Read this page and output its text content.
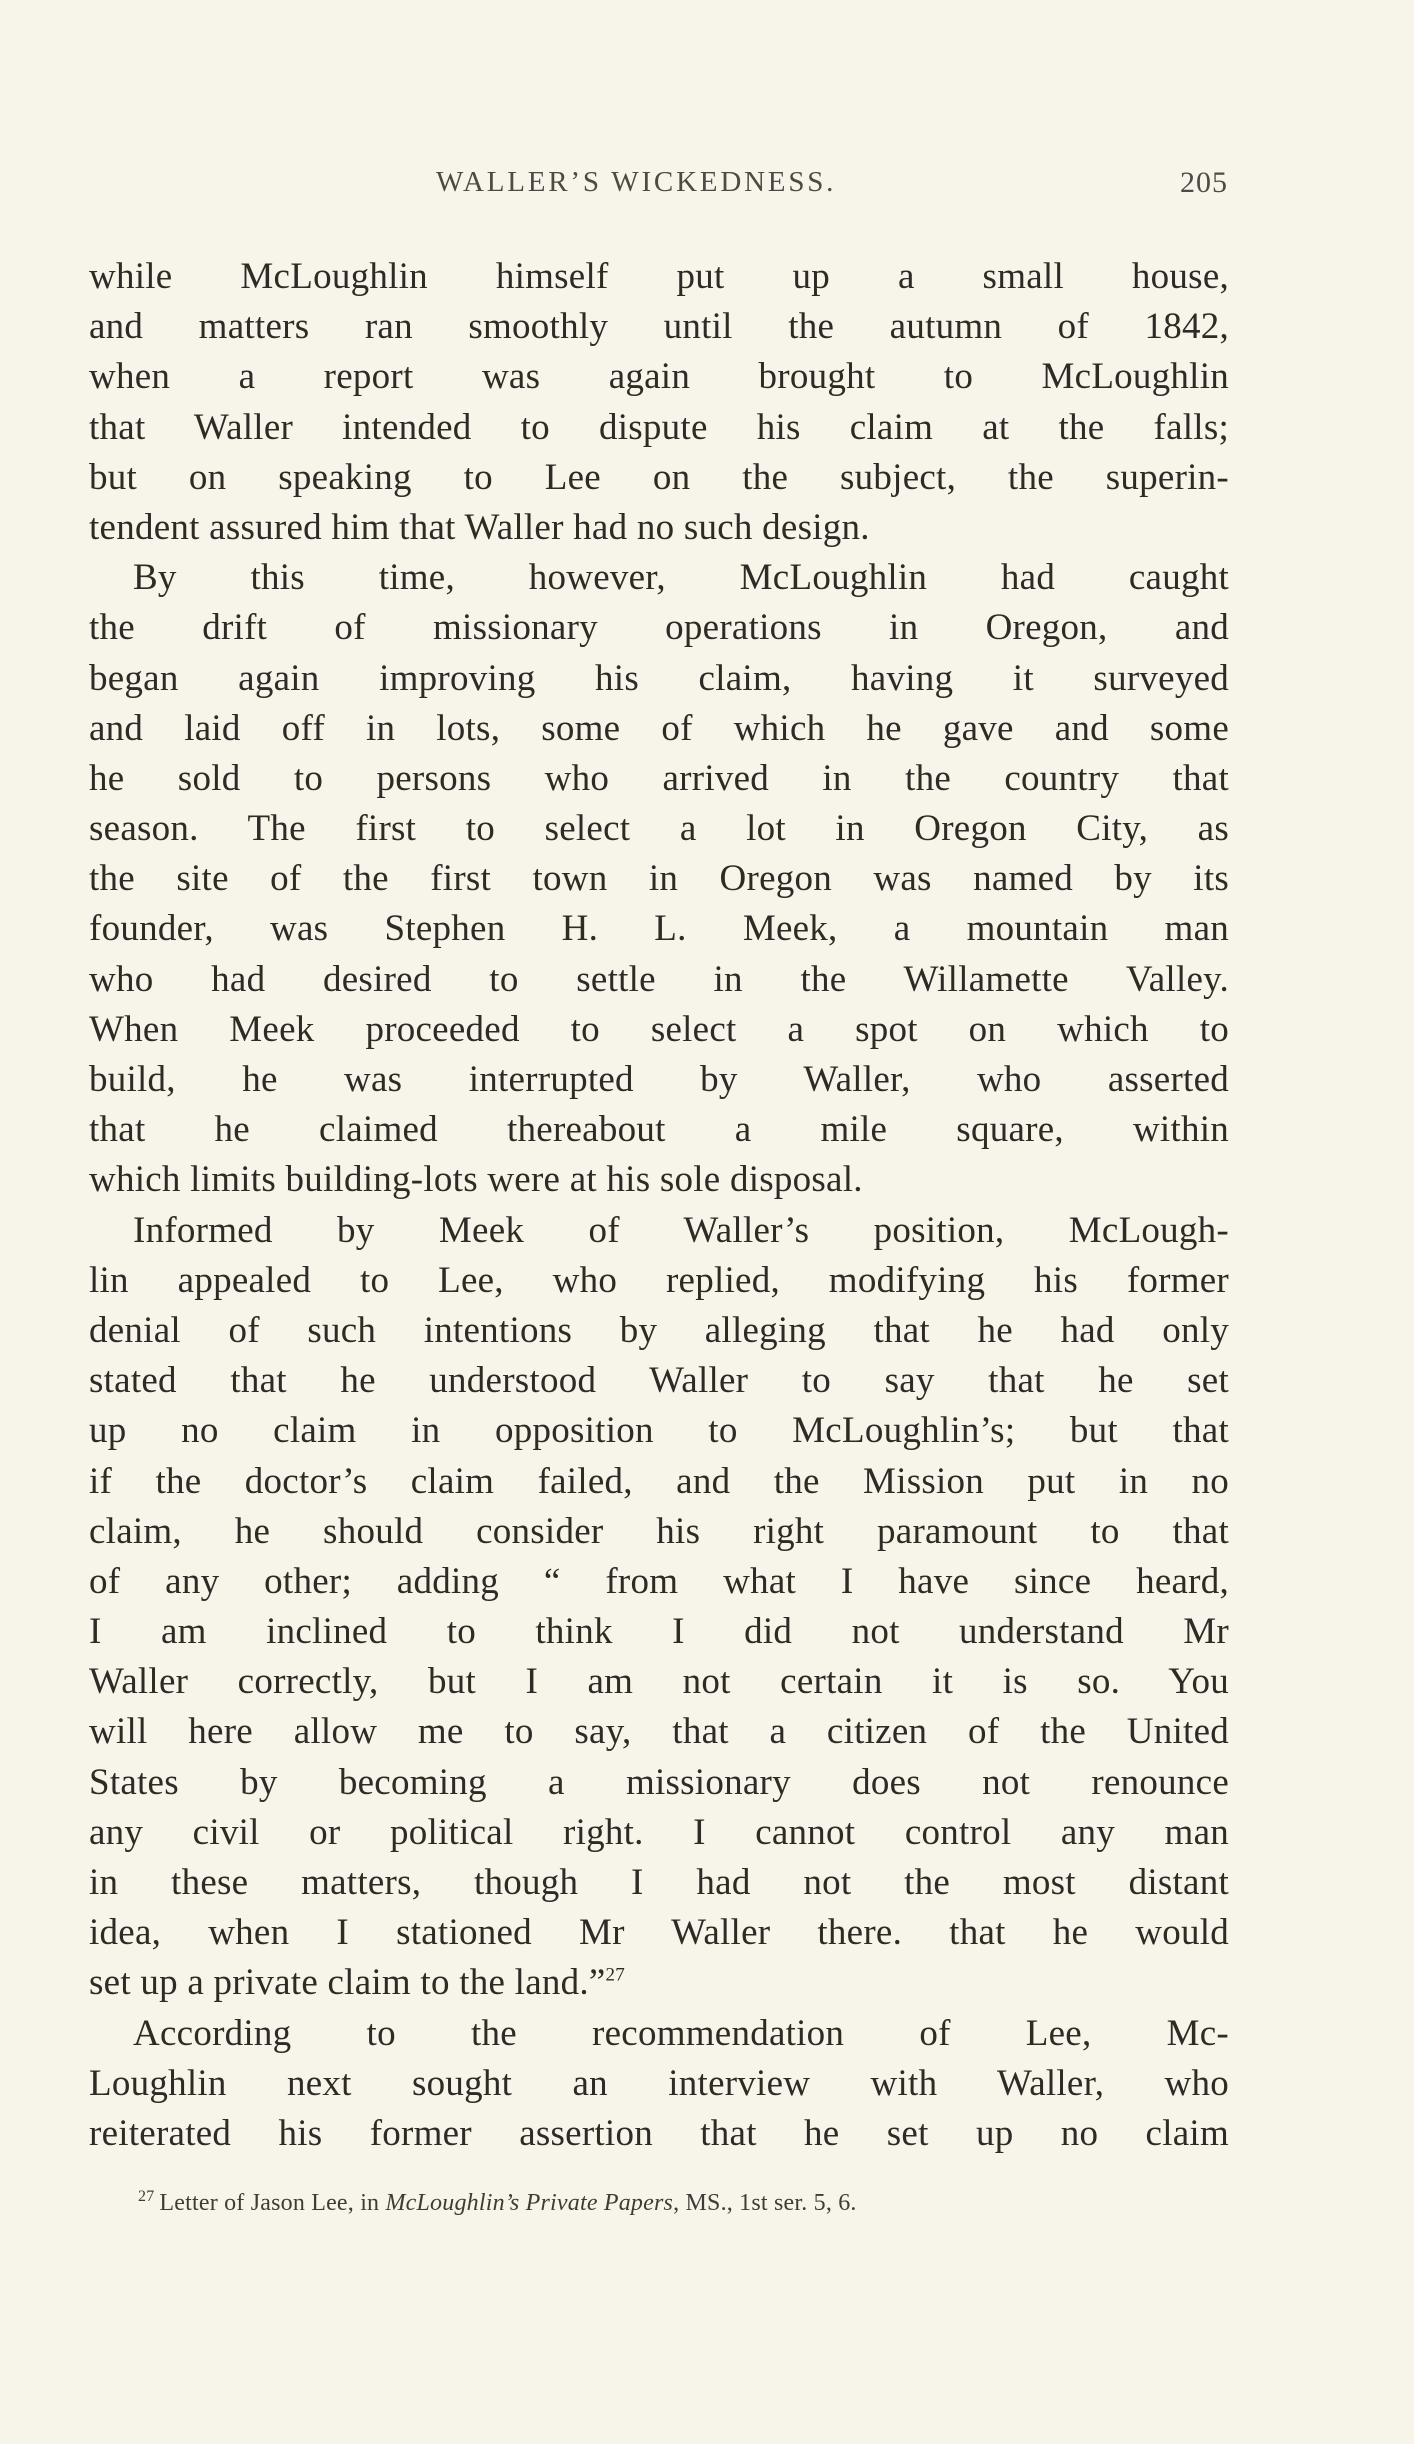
WALLER’S WICKEDNESS.	205
while McLoughlin himself put up a small house,
and matters ran smoothly until the autumn of 1842,
when a report was again brought to McLoughlin
that Waller intended to dispute his claim at the falls;
but on speaking to Lee on the subject, the superin-
tendent assured him that Waller had no such design.
By this time, however, McLoughlin had caught
the drift of missionary operations in Oregon, and
began again improving his claim, having it surveyed
and laid off in lots, some of which he gave and some
he sold to persons who arrived in the country that
season. The first to select a lot in Oregon City, as
the site of the first town in Oregon was named by its
founder, was Stephen H. L. Meek, a mountain man
who had desired to settle in the Willamette Valley.
When Meek proceeded to select a spot on which to
build, he was interrupted by Waller, who asserted
that he claimed thereabout a mile square, within
which limits building-lots were at his sole disposal.
Informed by Meek of Waller’s position, McLough-
lin appealed to Lee, who replied, modifying his former
denial of such intentions by alleging that he had only
stated that he understood Waller to say that he set
up no claim in opposition to McLoughlin’s; but that
if the doctor’s claim failed, and the Mission put in no
claim, he should consider his right paramount to that
of any other; adding “ from what I have since heard,
I am inclined to think I did not understand Mr
Waller correctly, but I am not certain it is so. You
will here allow me to say, that a citizen of the United
States by becoming a missionary does not renounce
any civil or political right. I cannot control any man
in these matters, though I had not the most distant
idea, when I stationed Mr Waller there. that he would
set up a private claim to the land.”$^{27}$
According to the recommendation of Lee, Mc-
Loughlin next sought an interview with Waller, who
reiterated his former assertion that he set up no claim
$^{27}$ Letter of Jason Lee, in McLoughlin’s Private Papers, MS., 1st ser. 5, 6.
